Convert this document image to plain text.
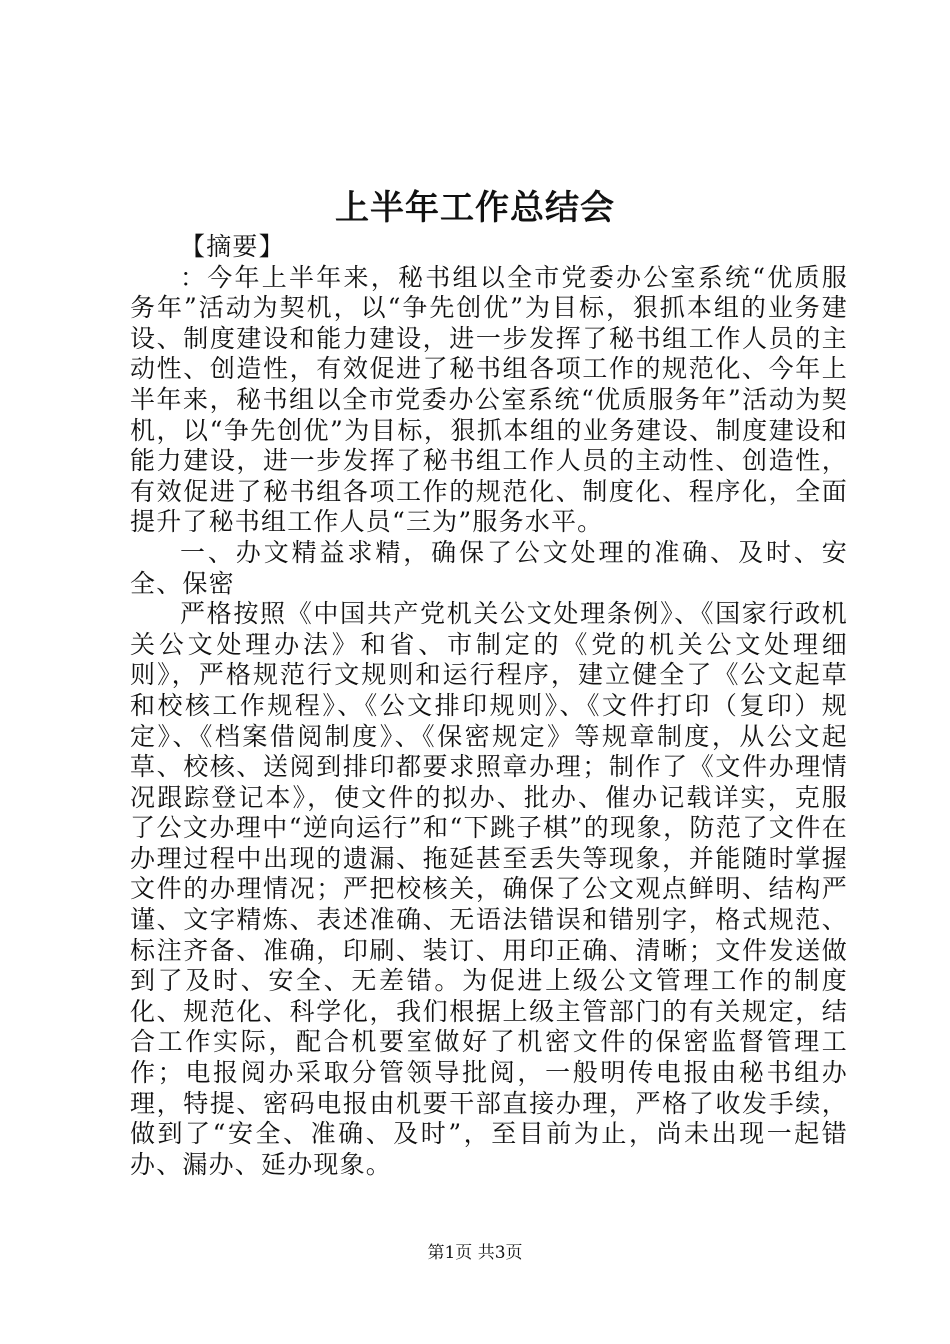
上半年工作总结会

【摘要】

：今年上半年来，秘书组以全市党委办公室系统“优质服务年”活动为契机，以“争先创优”为目标，狠抓本组的业务建设、制度建设和能力建设，进一步发挥了秘书组工作人员的主动性、创造性，有效促进了秘书组各项工作的规范化、今年上半年来，秘书组以全市党委办公室系统“优质服务年”活动为契机，以“争先创优”为目标，狠抓本组的业务建设、制度建设和能力建设，进一步发挥了秘书组工作人员的主动性、创造性，有效促进了秘书组各项工作的规范化、制度化、程序化，全面提升了秘书组工作人员“三为”服务水平。

一、办文精益求精，确保了公文处理的准确、及时、安全、保密

严格按照《中国共产党机关公文处理条例》、《国家行政机关公文处理办法》和省、市制定的《党的机关公文处理细则》，严格规范行文规则和运行程序，建立健全了《公文起草和校核工作规程》、《公文排印规则》、《文件打印（复印）规定》、《档案借阅制度》、《保密规定》等规章制度，从公文起草、校核、送阅到排印都要求照章办理；制作了《文件办理情况跟踪登记本》，使文件的拟办、批办、催办记载详实，克服了公文办理中“逆向运行”和“下跳子棋”的现象，防范了文件在办理过程中出现的遗漏、拖延甚至丢失等现象，并能随时掌握文件的办理情况；严把校核关，确保了公文观点鲜明、结构严谨、文字精炼、表述准确、无语法错误和错别字，格式规范、标注齐备、准确，印刷、装订、用印正确、清晰；文件发送做到了及时、安全、无差错。为促进上级公文管理工作的制度化、规范化、科学化，我们根据上级主管部门的有关规定，结合工作实际，配合机要室做好了机密文件的保密监督管理工作；电报阅办采取分管领导批阅，一般明传电报由秘书组办理，特提、密码电报由机要干部直接办理，严格了收发手续，做到了“安全、准确、及时”，至目前为止，尚未出现一起错办、漏办、延办现象。

第1页 共3页
